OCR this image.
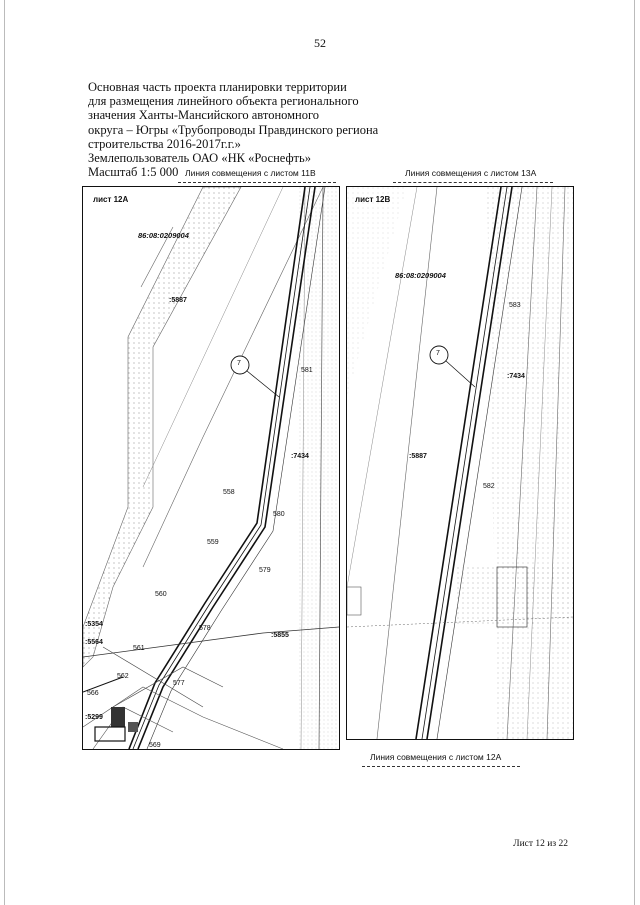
52
Основная часть проекта планировки территории
для размещения линейного объекта регионального
значения Ханты-Мансийского автономного
округа – Югры «Трубопроводы Правдинского региона
строительства 2016-2017г.г.»
Землепользователь ОАО «НК «Роснефть»
Масштаб 1:5 000 Линия совмещения с листом 11В	Линия совмещения с листом 13А
Линия совмещения с листом 12А
лист 12А
86:08:0209004
7
:5887
:7434
:5354
:5564
:5855
:5299
581
558
580
559
579
560
578
561
562
577
566
569
лист 12В
86:08:0209004
7
:7434
:5887
583
582
Лист 12 из 22
